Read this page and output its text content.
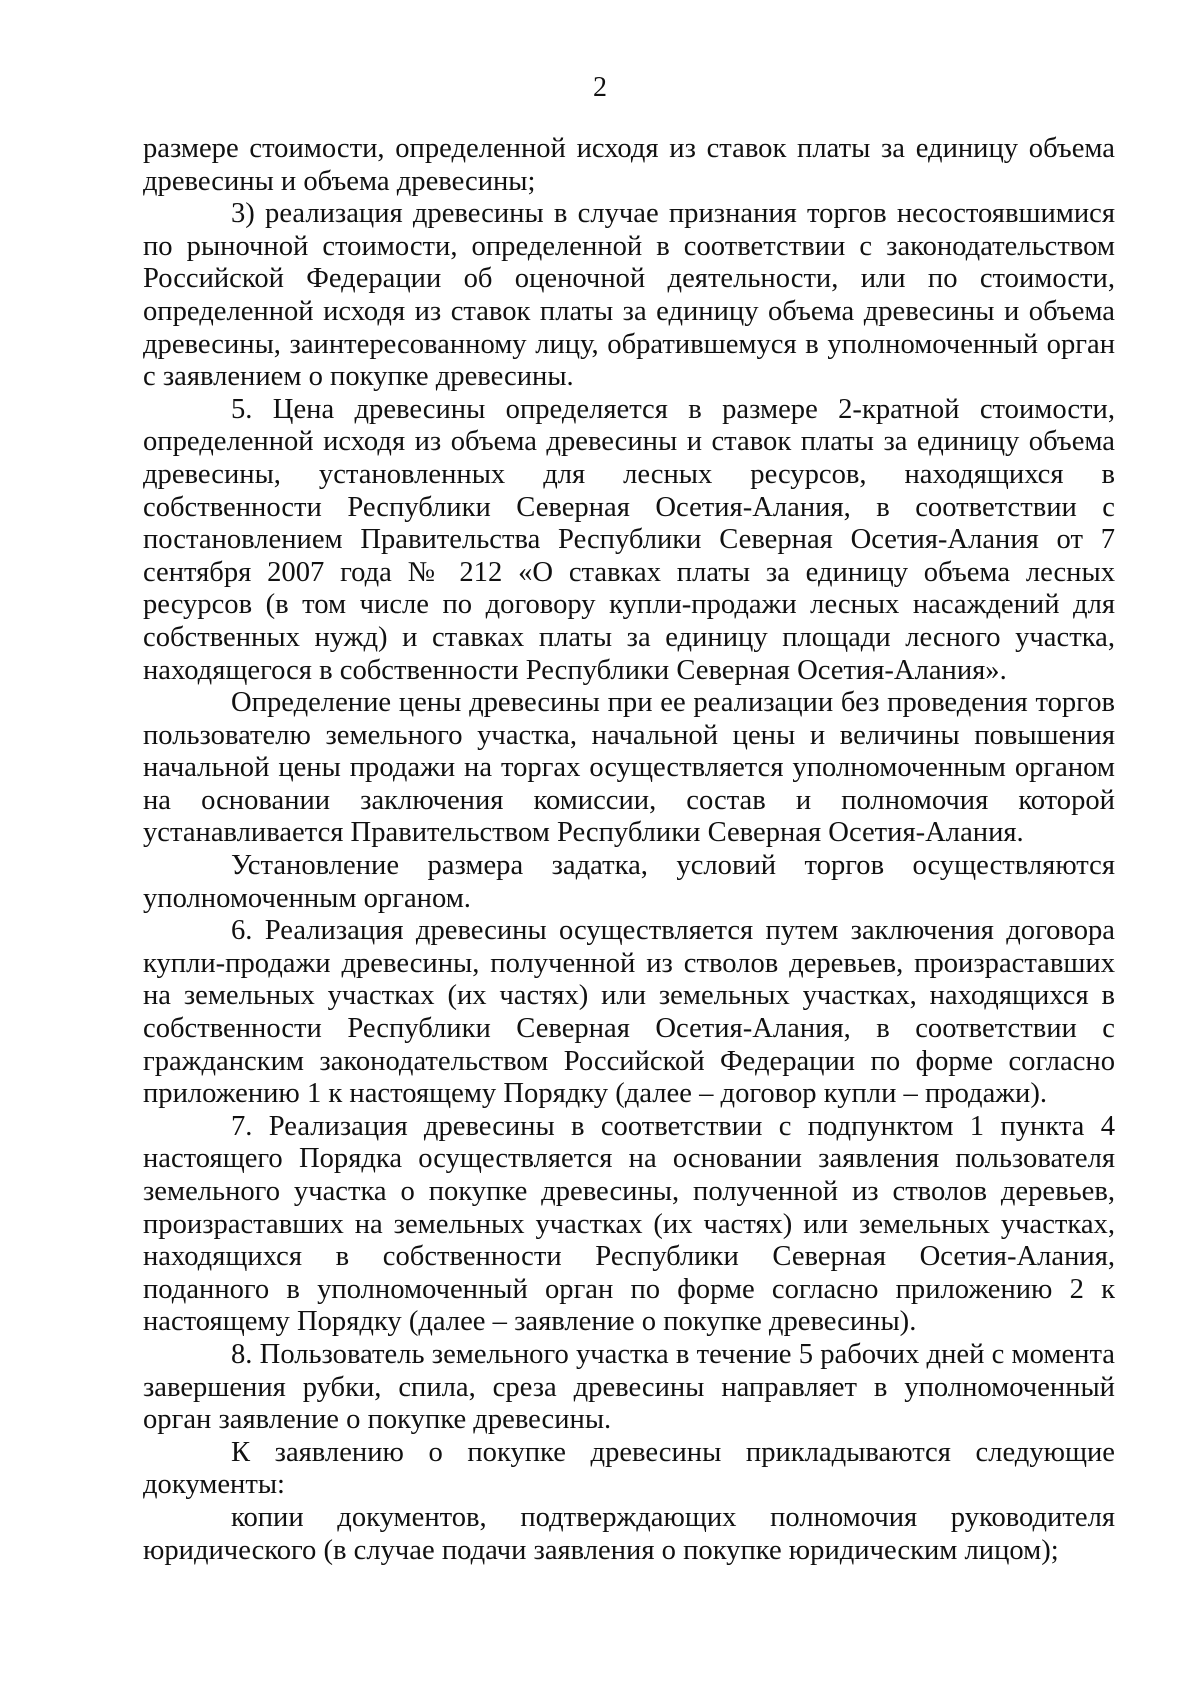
2

размере стоимости, определенной исходя из ставок платы за единицу объема древесины и объема древесины;

3) реализация древесины в случае признания торгов несостоявшимися по рыночной стоимости, определенной в соответствии с законодательством Российской Федерации об оценочной деятельности, или по стоимости, определенной исходя из ставок платы за единицу объема древесины и объема древесины, заинтересованному лицу, обратившемуся в уполномоченный орган с заявлением о покупке древесины.

5. Цена древесины определяется в размере 2-кратной стоимости, определенной исходя из объема древесины и ставок платы за единицу объема древесины, установленных для лесных ресурсов, находящихся в собственности Республики Северная Осетия-Алания, в соответствии с постановлением Правительства Республики Северная Осетия-Алания от 7 сентября 2007 года № 212 «О ставках платы за единицу объема лесных ресурсов (в том числе по договору купли-продажи лесных насаждений для собственных нужд) и ставках платы за единицу площади лесного участка, находящегося в собственности Республики Северная Осетия-Алания».

Определение цены древесины при ее реализации без проведения торгов пользователю земельного участка, начальной цены и величины повышения начальной цены продажи на торгах осуществляется уполномоченным органом на основании заключения комиссии, состав и полномочия которой устанавливается Правительством Республики Северная Осетия-Алания.

Установление размера задатка, условий торгов осуществляются уполномоченным органом.

6. Реализация древесины осуществляется путем заключения договора купли-продажи древесины, полученной из стволов деревьев, произраставших на земельных участках (их частях) или земельных участках, находящихся в собственности Республики Северная Осетия-Алания, в соответствии с гражданским законодательством Российской Федерации по форме согласно приложению 1 к настоящему Порядку (далее – договор купли – продажи).

7. Реализация древесины в соответствии с подпунктом 1 пункта 4 настоящего Порядка осуществляется на основании заявления пользователя земельного участка о покупке древесины, полученной из стволов деревьев, произраставших на земельных участках (их частях) или земельных участках, находящихся в собственности Республики Северная Осетия-Алания, поданного в уполномоченный орган по форме согласно приложению 2 к настоящему Порядку (далее – заявление о покупке древесины).

8. Пользователь земельного участка в течение 5 рабочих дней с момента завершения рубки, спила, среза древесины направляет в уполномоченный орган заявление о покупке древесины.

К заявлению о покупке древесины прикладываются следующие документы:

копии документов, подтверждающих полномочия руководителя юридического (в случае подачи заявления о покупке юридическим лицом);
